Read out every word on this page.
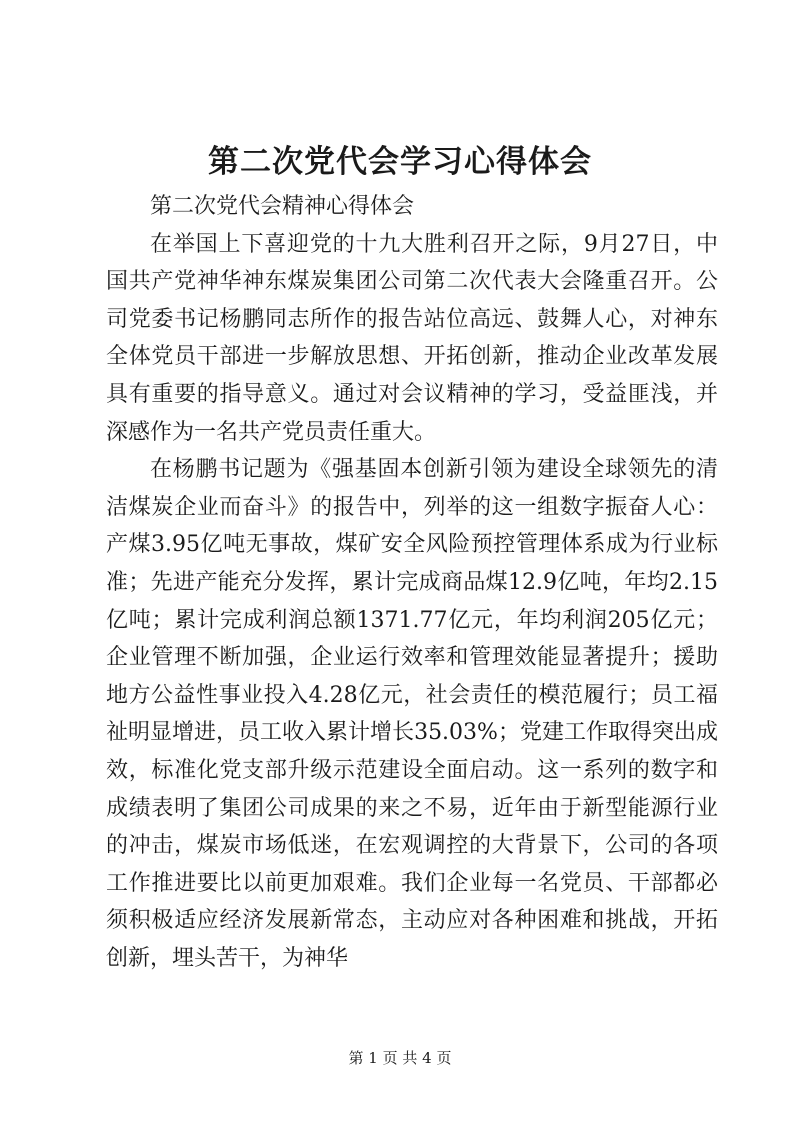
第二次党代会学习心得体会

第二次党代会精神心得体会

在举国上下喜迎党的十九大胜利召开之际，9月27日，中国共产党神华神东煤炭集团公司第二次代表大会隆重召开。公司党委书记杨鹏同志所作的报告站位高远、鼓舞人心，对神东全体党员干部进一步解放思想、开拓创新，推动企业改革发展具有重要的指导意义。通过对会议精神的学习，受益匪浅，并深感作为一名共产党员责任重大。

在杨鹏书记题为《强基固本创新引领为建设全球领先的清洁煤炭企业而奋斗》的报告中，列举的这一组数字振奋人心：产煤3.95亿吨无事故，煤矿安全风险预控管理体系成为行业标准；先进产能充分发挥，累计完成商品煤12.9亿吨，年均2.15亿吨；累计完成利润总额1371.77亿元，年均利润205亿元；企业管理不断加强，企业运行效率和管理效能显著提升；援助地方公益性事业投入4.28亿元，社会责任的模范履行；员工福祉明显增进，员工收入累计增长35.03%；党建工作取得突出成效，标准化党支部升级示范建设全面启动。这一系列的数字和成绩表明了集团公司成果的来之不易，近年由于新型能源行业的冲击，煤炭市场低迷，在宏观调控的大背景下，公司的各项工作推进要比以前更加艰难。我们企业每一名党员、干部都必须积极适应经济发展新常态，主动应对各种困难和挑战，开拓创新，埋头苦干，为神华

第 1 页 共 4 页
